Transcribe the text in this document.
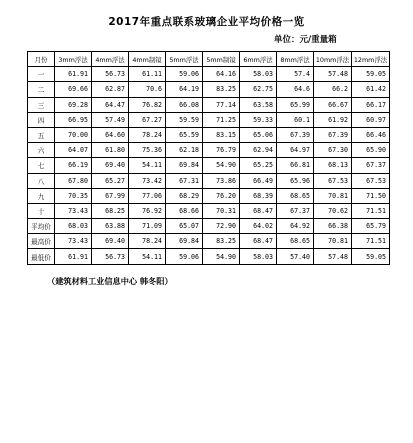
2017年重点联系玻璃企业平均价格一览
单位：元/重量箱
月份	3mm浮法	4mm浮法	4mm制镜	5mm浮法	5mm制镜	6mm浮法	8mm浮法	10mm浮法	12mm浮法
一	61.91	56.73	61.11	59.06	64.16	58.03	57.4	57.48	59.05
二	69.66	62.87	70.6	64.19	83.25	62.75	64.6	66.2	61.42
三	69.28	64.47	76.82	66.08	77.14	63.58	65.99	66.67	66.17
四	66.95	57.49	67.27	59.59	71.25	59.33	60.1	61.92	60.97
五	70.00	64.60	78.24	65.59	83.15	65.06	67.39	67.39	66.46
六	64.07	61.80	75.36	62.18	76.79	62.94	64.97	67.30	65.90
七	66.19	69.40	54.11	69.84	54.90	65.25	66.81	68.13	67.37
八	67.80	65.27	73.42	67.31	73.86	66.49	65.96	67.53	67.53
九	70.35	67.99	77.06	68.29	76.20	68.39	68.65	70.81	71.50
十	73.43	68.25	76.92	68.66	70.31	68.47	67.37	70.62	71.51
平均价	68.03	63.88	71.09	65.07	72.90	64.02	64.92	66.38	65.79
最高价	73.43	69.40	78.24	69.84	83.25	68.47	68.65	70.81	71.51
最低价	61.91	56.73	54.11	59.06	54.90	58.03	57.40	57.48	59.05
（建筑材料工业信息中心 韩冬阳）
